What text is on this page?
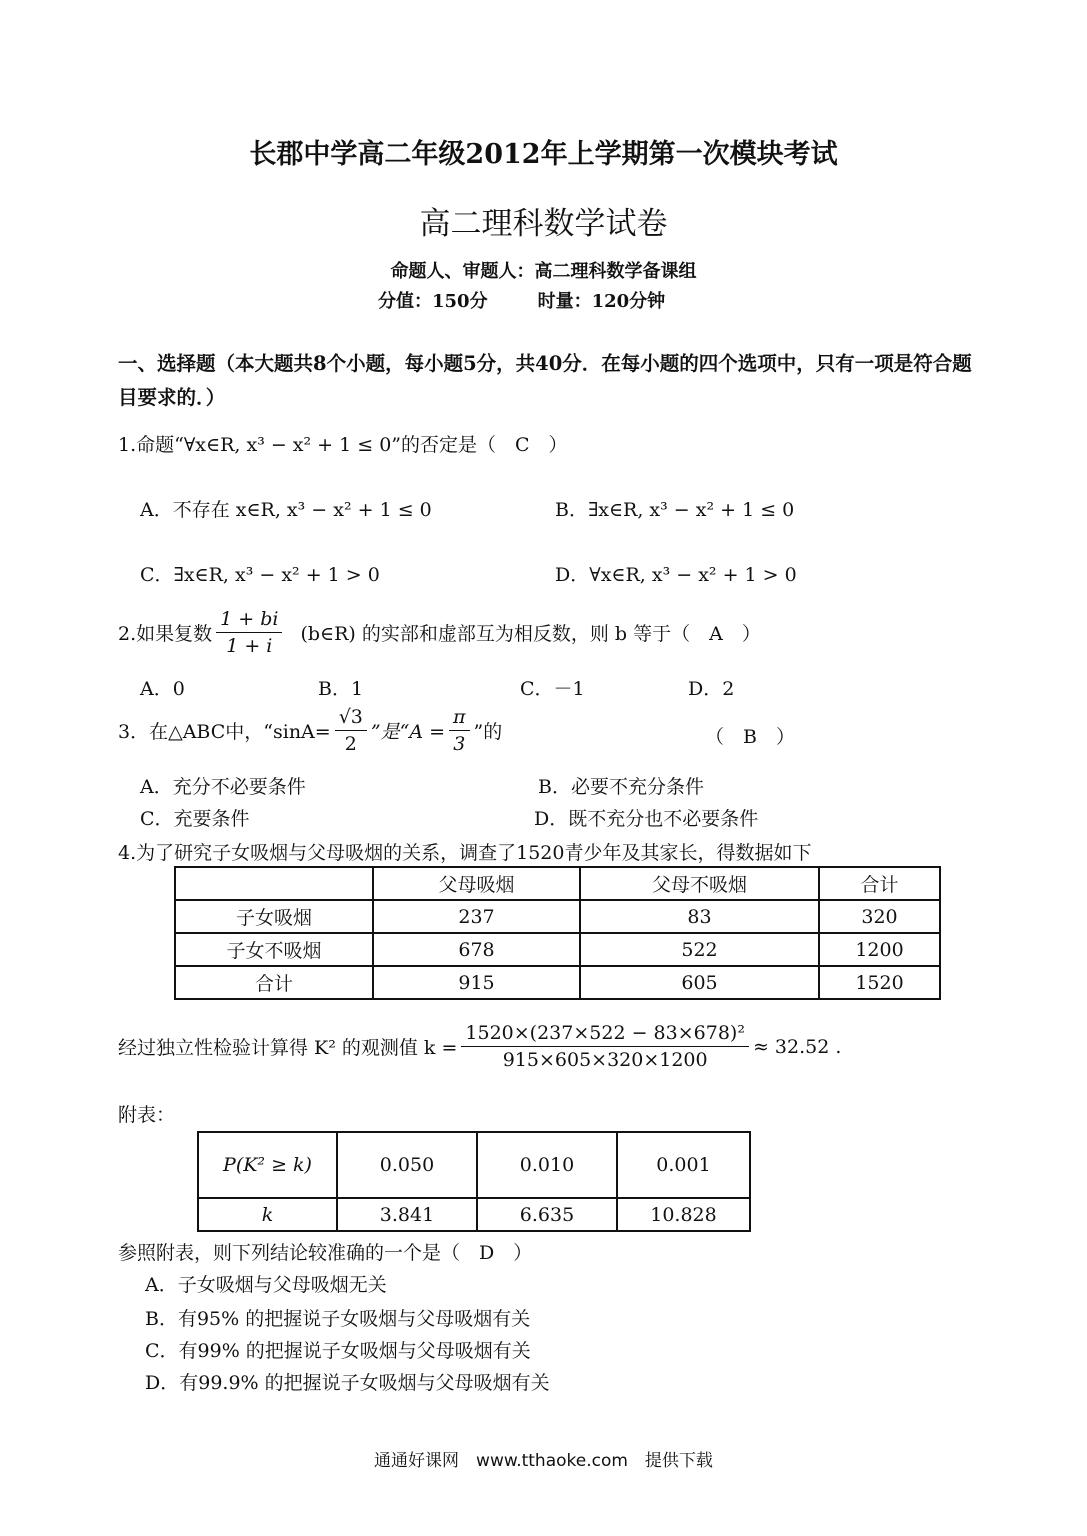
长郡中学高二年级2012年上学期第一次模块考试
高二理科数学试卷
命题人、审题人：高二理科数学备课组
分值：150分	时量：120分钟
一、选择题（本大题共8个小题，每小题5分，共40分．在每小题的四个选项中，只有一项是符合题目要求的．）
1.命题“∀x∈R, x³ − x² + 1 ≤ 0”的否定是（　C　）
A．不存在 x∈R, x³ − x² + 1 ≤ 0	B．∃x∈R, x³ − x² + 1 ≤ 0
C．∃x∈R, x³ − x² + 1 > 0	D．∀x∈R, x³ − x² + 1 > 0
2.如果复数 $\frac{1 + bi}{1 + i}$ (b∈R) 的实部和虚部互为相反数，则 b 等于（　A　）
A．0	B．1	C．－1	D．2
3．在△ABC中，“$\sin A= \frac{√3}{2}$ ”是“$A = \frac{\pi}{3}$ ”的	（　B　）
A．充分不必要条件	B．必要不充分条件
C．充要条件	D．既不充分也不必要条件
4.为了研究子女吸烟与父母吸烟的关系，调查了1520青少年及其家长，得数据如下
	父母吸烟	父母不吸烟	合计
子女吸烟	237	83	320
子女不吸烟	678	522	1200
合计	915	605	1520
经过独立性检验计算得 K² 的观测值 $k = \frac{\text{1520×(237×522 − 83×678)²}}{915\times 605\times 320\times 1200} \approx 32.52$ .
附表：
P(K² ≥ k)	0.050	0.010	0.001
k	3.841	6.635	10.828
参照附表，则下列结论较准确的一个是（　D　）
A．子女吸烟与父母吸烟无关
B．有95% 的把握说子女吸烟与父母吸烟有关
C．有99% 的把握说子女吸烟与父母吸烟有关
D．有99.9% 的把握说子女吸烟与父母吸烟有关
通通好课网　www.tthaoke.com　提供下载
